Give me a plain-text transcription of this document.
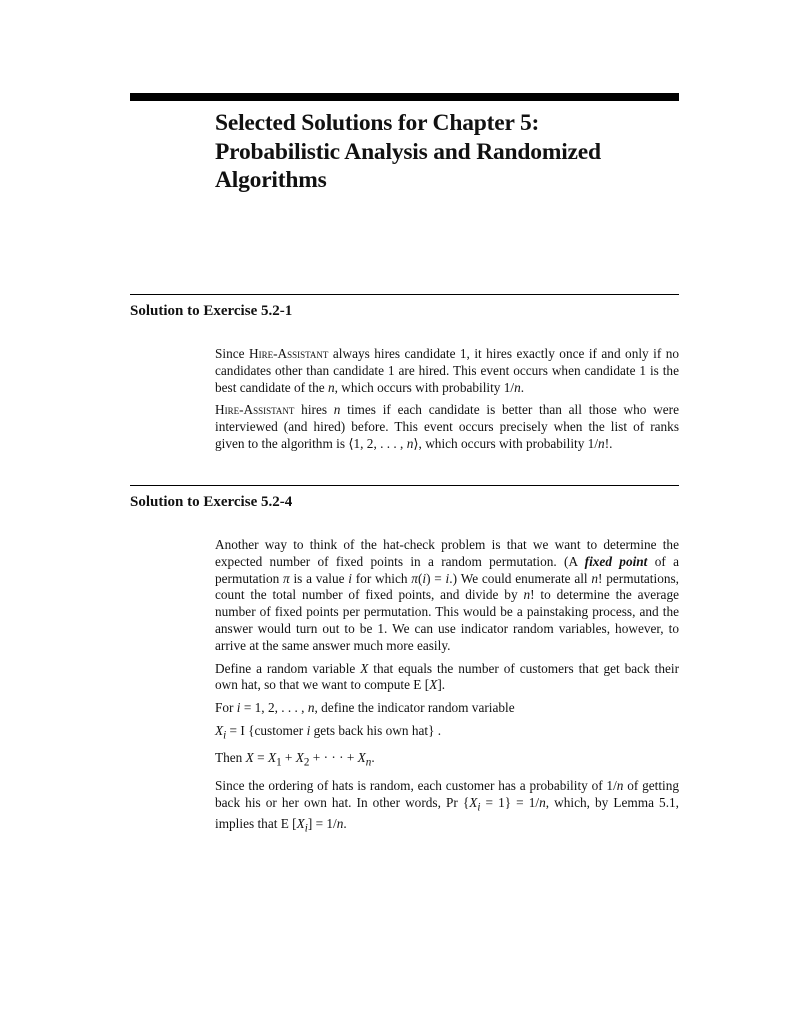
Selected Solutions for Chapter 5:
Probabilistic Analysis and Randomized
Algorithms
Solution to Exercise 5.2-1

Since Hire-Assistant always hires candidate 1, it hires exactly once if and only if no candidates other than candidate 1 are hired. This event occurs when candidate 1 is the best candidate of the n, which occurs with probability 1/n.

Hire-Assistant hires n times if each candidate is better than all those who were interviewed (and hired) before. This event occurs precisely when the list of ranks given to the algorithm is ⟨1, 2, . . . , n⟩, which occurs with probability 1/n!.

Solution to Exercise 5.2-4

Another way to think of the hat-check problem is that we want to determine the expected number of fixed points in a random permutation. (A fixed point of a permutation π is a value i for which π(i) = i.) We could enumerate all n! permutations, count the total number of fixed points, and divide by n! to determine the average number of fixed points per permutation. This would be a painstaking process, and the answer would turn out to be 1. We can use indicator random variables, however, to arrive at the same answer much more easily.

Define a random variable X that equals the number of customers that get back their own hat, so that we want to compute E [X].

For i = 1, 2, . . . , n, define the indicator random variable

$X_i = I$ {customer i gets back his own hat} .

Then $X = X_1 + X_2$ + · · · + $X_n$.

Since the ordering of hats is random, each customer has a probability of 1/n of getting back his or her own hat. In other words, Pr $\{X_i = 1\} = 1/n$, which, by Lemma 5.1, implies that E $[X_i] = 1/n$.
